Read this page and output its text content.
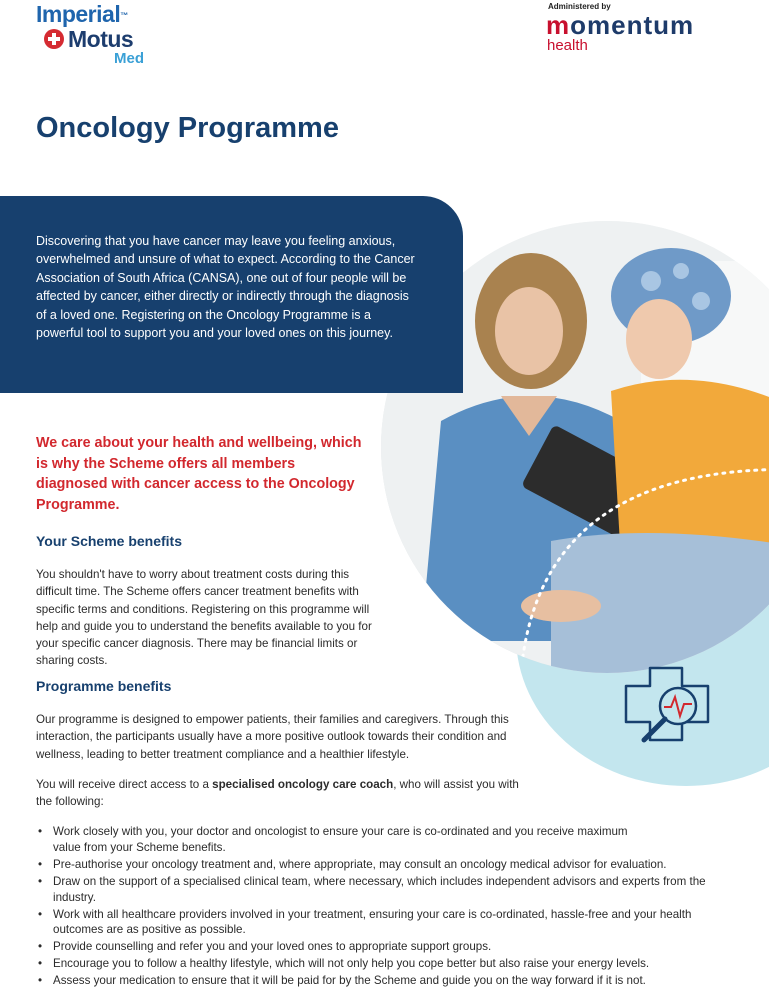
Imperial™
Motus
Med
Administered by
momentum
health
Oncology Programme
Discovering that you have cancer may leave you feeling anxious, overwhelmed and unsure of what to expect. According to the Cancer Association of South Africa (CANSA), one out of four people will be affected by cancer, either directly or indirectly through the diagnosis of a loved one. Registering on the Oncology Programme is a powerful tool to support you and your loved ones on this journey.
We care about your health and wellbeing, which is why the Scheme offers all members diagnosed with cancer access to the Oncology Programme.
Your Scheme benefits
You shouldn't have to worry about treatment costs during this difficult time. The Scheme offers cancer treatment benefits with specific terms and conditions. Registering on this programme will help and guide you to understand the benefits available to you for your specific cancer diagnosis. There may be financial limits or sharing costs.
Programme benefits
Our programme is designed to empower patients, their families and caregivers. Through this interaction, the participants usually have a more positive outlook towards their condition and wellness, leading to better treatment compliance and a healthier lifestyle.
You will receive direct access to a specialised oncology care coach, who will assist you with the following:
• Work closely with you, your doctor and oncologist to ensure your care is co-ordinated and you receive maximum value from your Scheme benefits.
• Pre-authorise your oncology treatment and, where appropriate, may consult an oncology medical advisor for evaluation.
• Draw on the support of a specialised clinical team, where necessary, which includes independent advisors and experts from the industry.
• Work with all healthcare providers involved in your treatment, ensuring your care is co-ordinated, hassle-free and your health outcomes are as positive as possible.
• Provide counselling and refer you and your loved ones to appropriate support groups.
• Encourage you to follow a healthy lifestyle, which will not only help you cope better but also raise your energy levels.
• Assess your medication to ensure that it will be paid for by the Scheme and guide you on the way forward if it is not.
